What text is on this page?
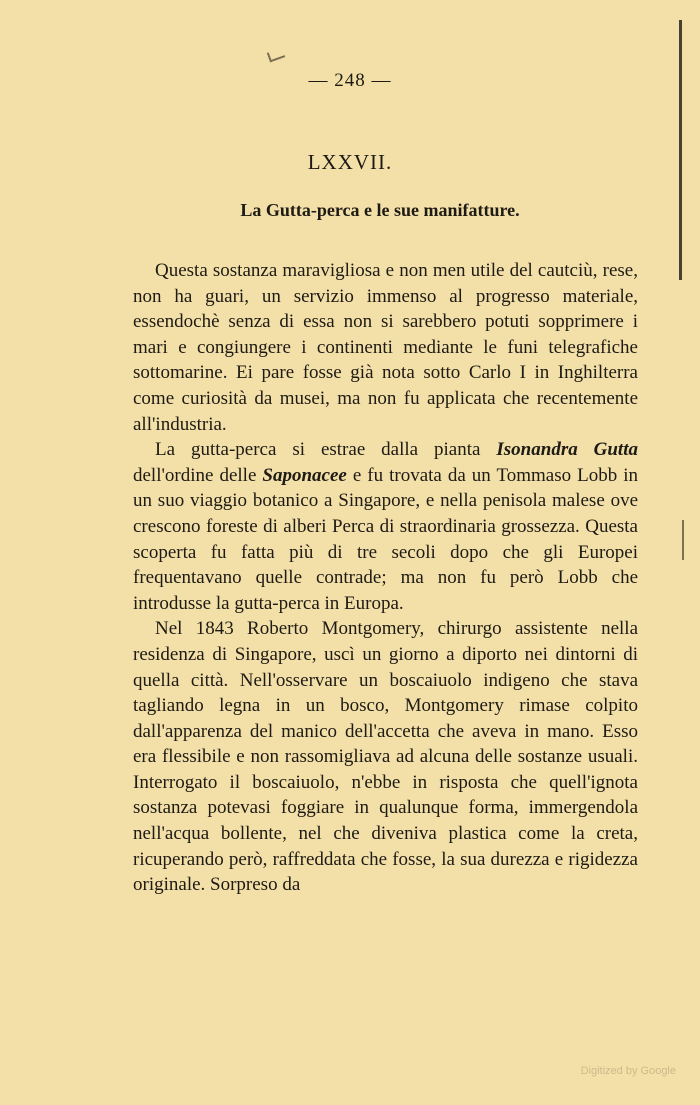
— 248 —
LXXVII.
La Gutta-perca e le sue manifatture.

Questa sostanza maravigliosa e non men utile del cautciù, rese, non ha guari, un servizio immenso al progresso materiale, essendochè senza di essa non si sarebbero potuti sopprimere i mari e congiungere i continenti mediante le funi telegrafiche sottomarine. Ei pare fosse già nota sotto Carlo I in Inghilterra come curiosità da musei, ma non fu applicata che recentemente all'industria.

La gutta-perca si estrae dalla pianta Isonandra Gutta dell'ordine delle Saponacee e fu trovata da un Tommaso Lobb in un suo viaggio botanico a Singapore, e nella penisola malese ove crescono foreste di alberi Perca di straordinaria grossezza. Questa scoperta fu fatta più di tre secoli dopo che gli Europei frequentavano quelle contrade; ma non fu però Lobb che introdusse la gutta-perca in Europa.

Nel 1843 Roberto Montgomery, chirurgo assistente nella residenza di Singapore, uscì un giorno a diporto nei dintorni di quella città. Nell'osservare un boscaiuolo indigeno che stava tagliando legna in un bosco, Montgomery rimase colpito dall'apparenza del manico dell'accetta che aveva in mano. Esso era flessibile e non rassomigliava ad alcuna delle sostanze usuali. Interrogato il boscaiuolo, n'ebbe in risposta che quell'ignota sostanza potevasi foggiare in qualunque forma, immergendola nell'acqua bollente, nel che diveniva plastica come la creta, ricuperando però, raffreddata che fosse, la sua durezza e rigidezza originale. Sorpreso da

Digitized by Google
